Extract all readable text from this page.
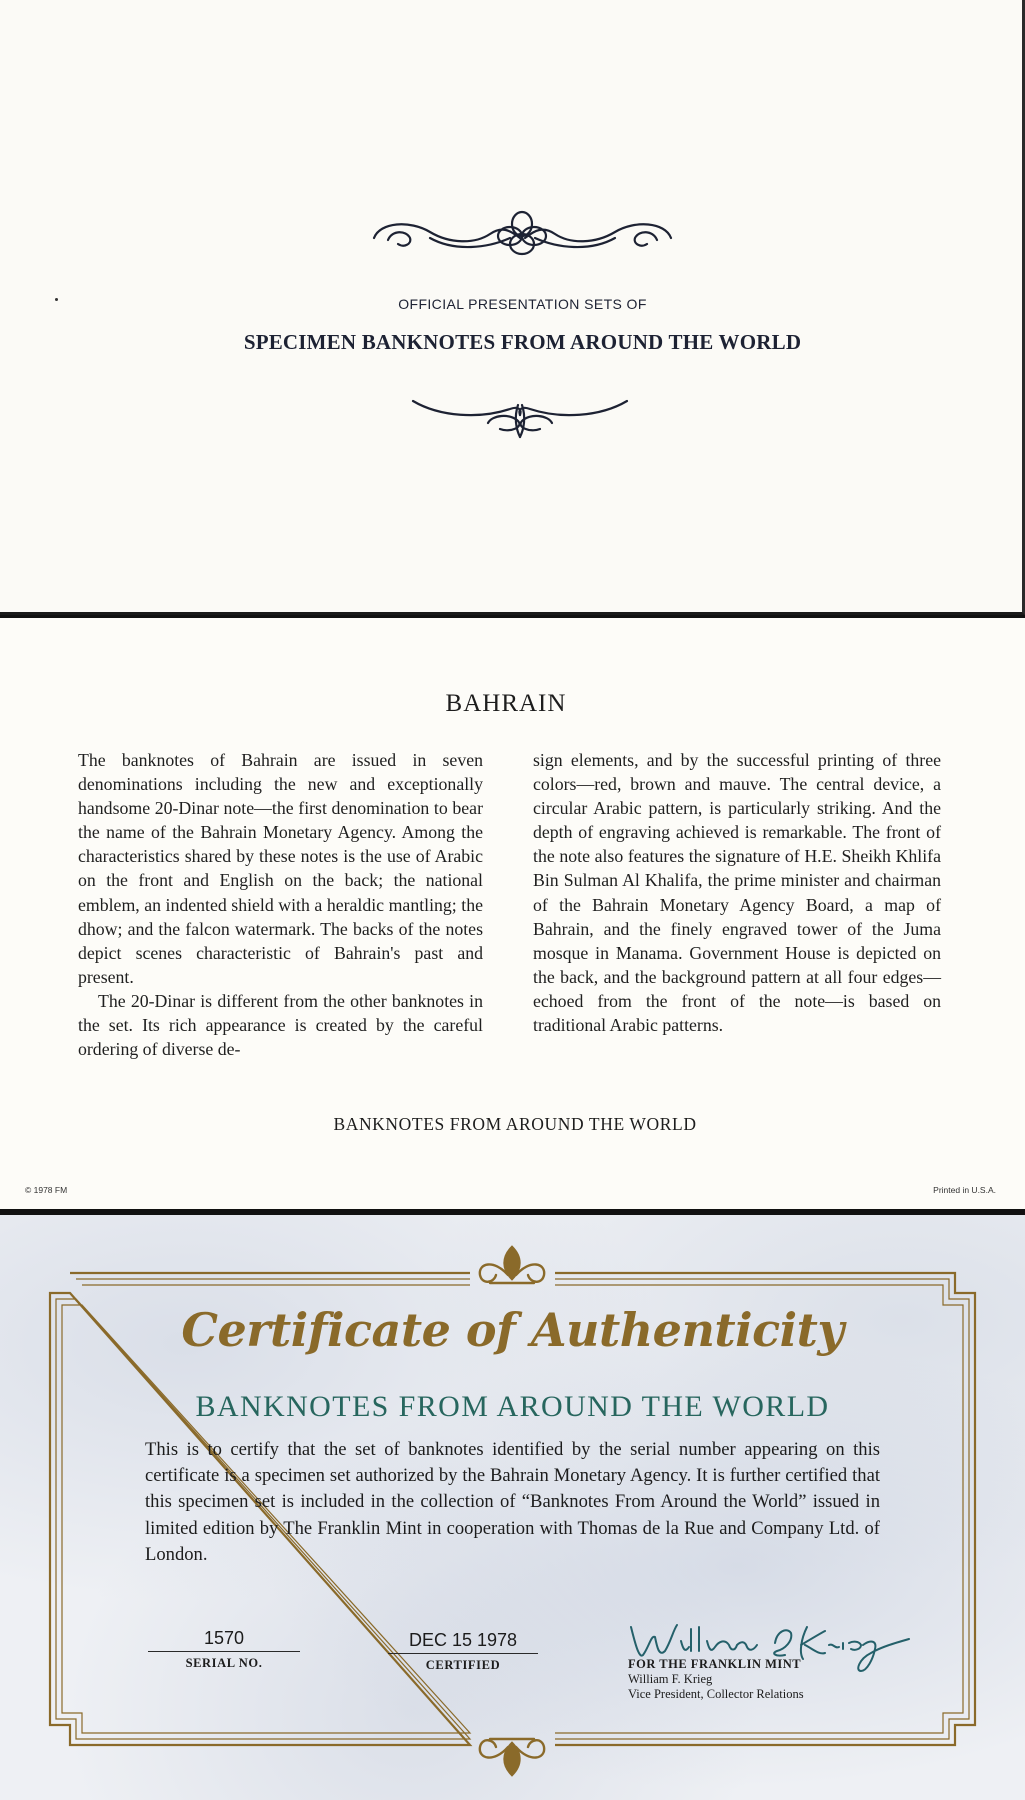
OFFICIAL PRESENTATION SETS OF
SPECIMEN BANKNOTES FROM AROUND THE WORLD
BAHRAIN

The banknotes of Bahrain are issued in seven denominations including the new and exceptionally handsome 20-Dinar note—the first denomination to bear the name of the Bahrain Monetary Agency. Among the characteristics shared by these notes is the use of Arabic on the front and English on the back; the national emblem, an indented shield with a heraldic mantling; the dhow; and the falcon watermark. The backs of the notes depict scenes characteristic of Bahrain's past and present.

The 20-Dinar is different from the other banknotes in the set. Its rich appearance is created by the careful ordering of diverse de-

sign elements, and by the successful printing of three colors—red, brown and mauve. The central device, a circular Arabic pattern, is particularly striking. And the depth of engraving achieved is remarkable. The front of the note also features the signature of H.E. Sheikh Khlifa Bin Sulman Al Khalifa, the prime minister and chairman of the Bahrain Monetary Agency Board, a map of Bahrain, and the finely engraved tower of the Juma mosque in Manama. Government House is depicted on the back, and the background pattern at all four edges—echoed from the front of the note—is based on traditional Arabic patterns.

BANKNOTES FROM AROUND THE WORLD
© 1978 FM	Printed in U.S.A.
Certificate of Authenticity
BANKNOTES FROM AROUND THE WORLD

This is to certify that the set of banknotes identified by the serial number appearing on this certificate is a specimen set authorized by the Bahrain Monetary Agency. It is further certified that this specimen set is included in the collection of “Banknotes From Around the World” issued in limited edition by The Franklin Mint in cooperation with Thomas de la Rue and Company Ltd. of London.

1570
SERIAL NO.
DEC 15 1978
CERTIFIED	FOR THE FRANKLIN MINT
William F. Krieg
Vice President, Collector Relations
